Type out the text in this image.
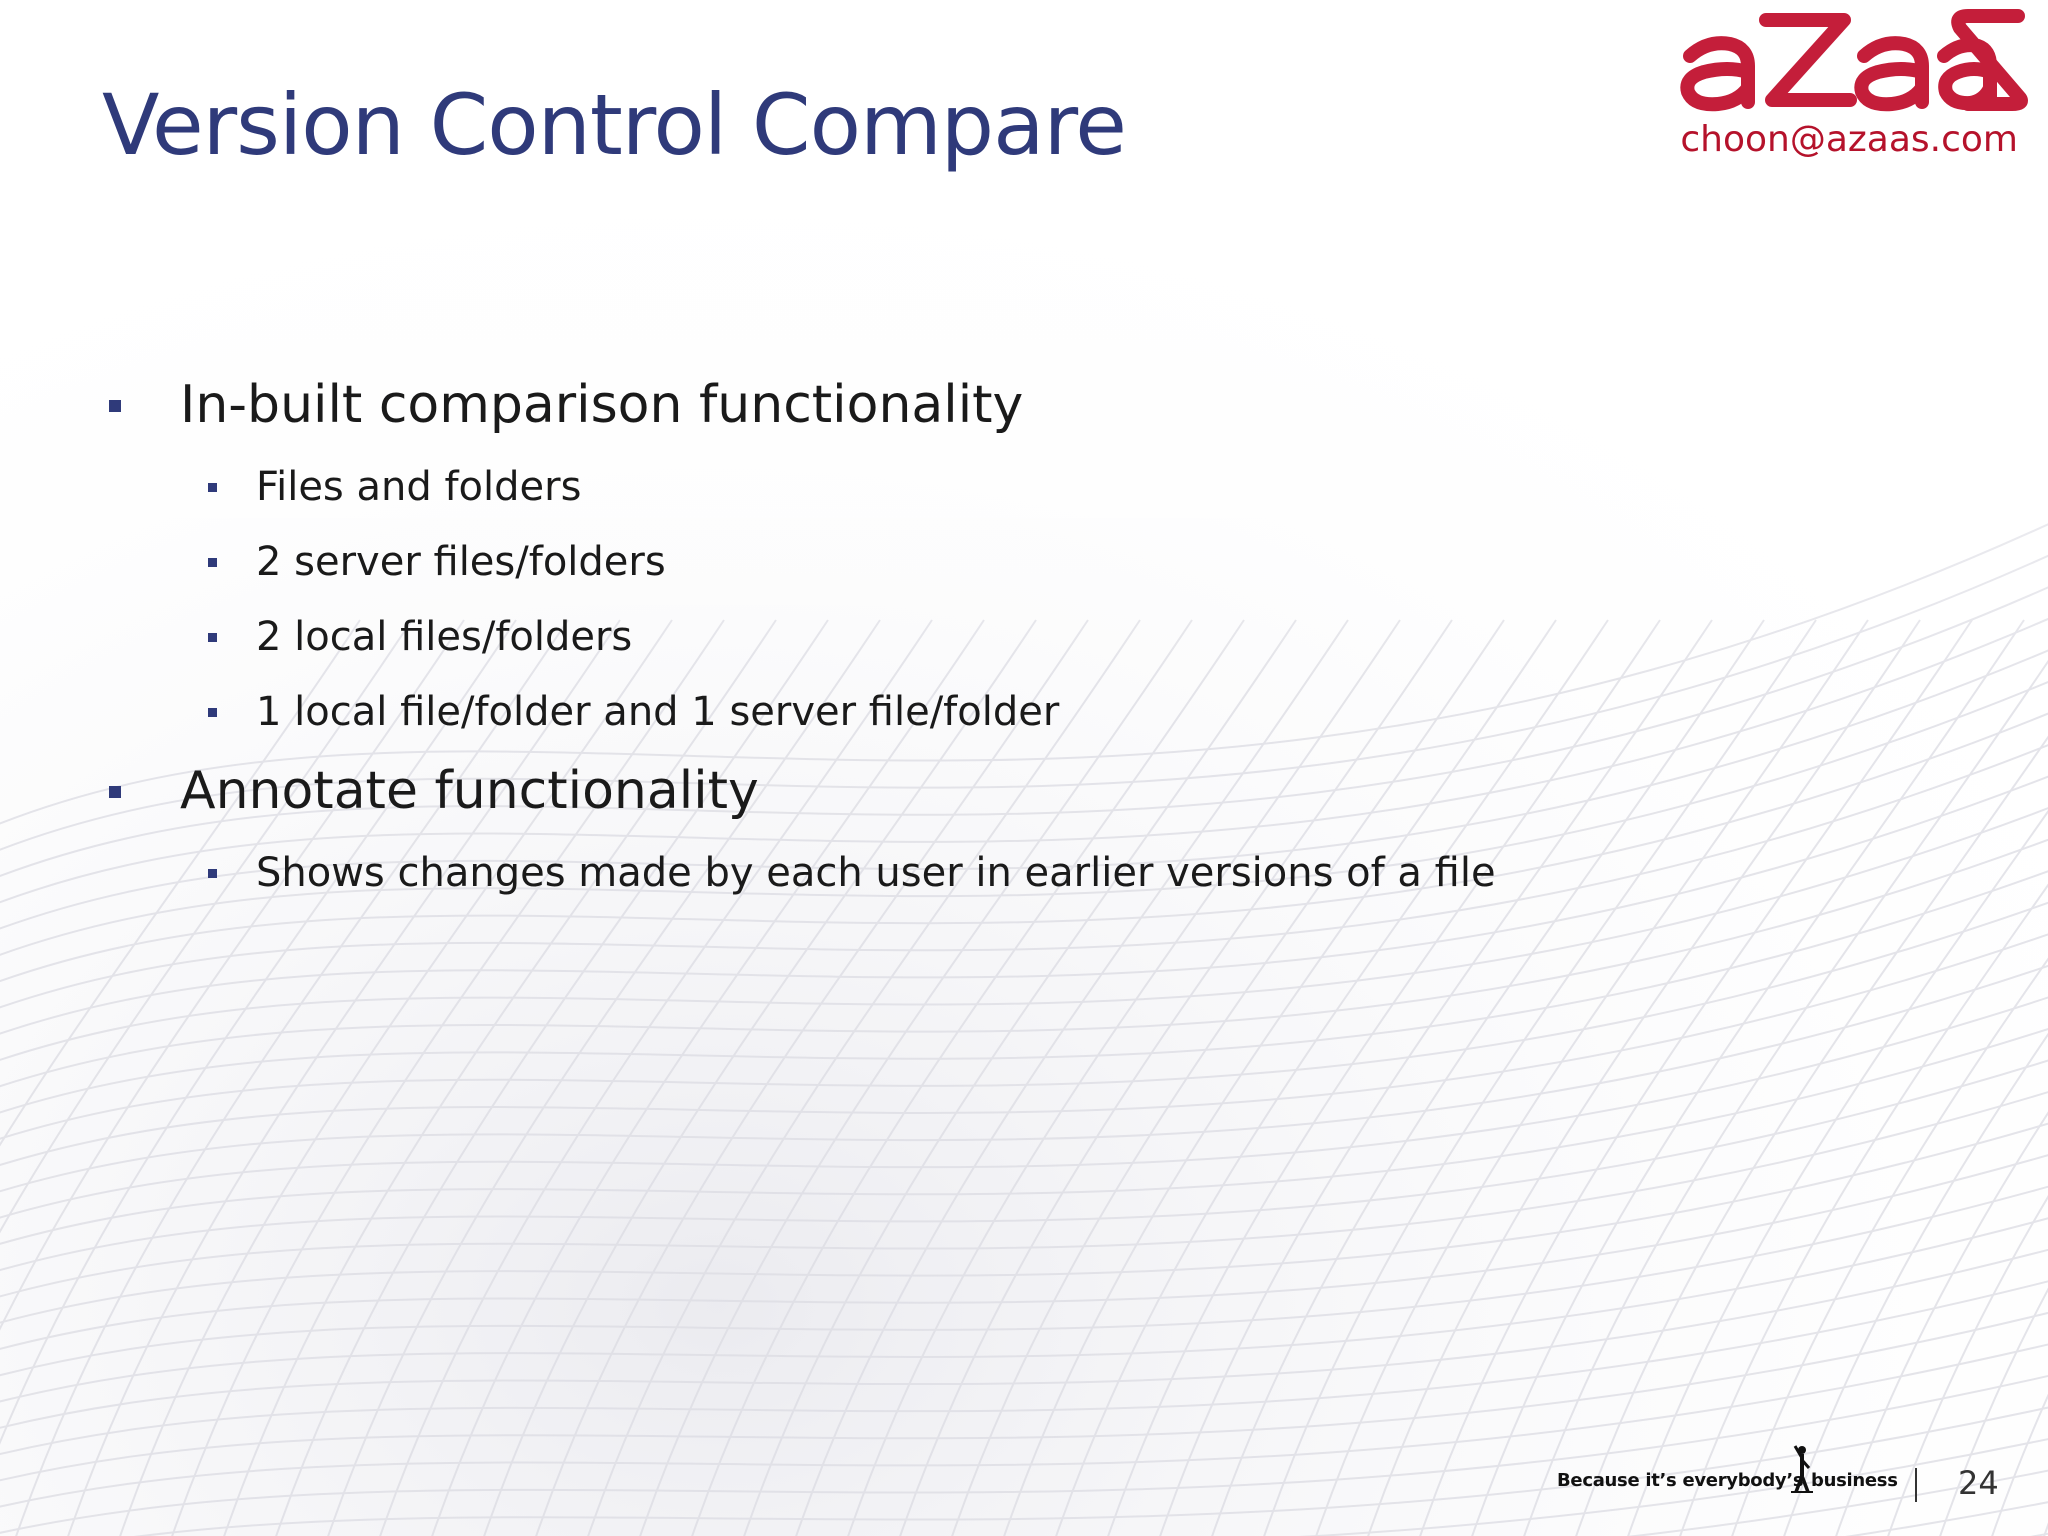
Version Control Compare	choon@azaas.com
In-built comparison functionality
Files and folders
2 server files/folders
2 local files/folders
1 local file/folder and 1 server file/folder
Annotate functionality
Shows changes made by each user in earlier versions of a file
Because it’s everybody’s business 24
